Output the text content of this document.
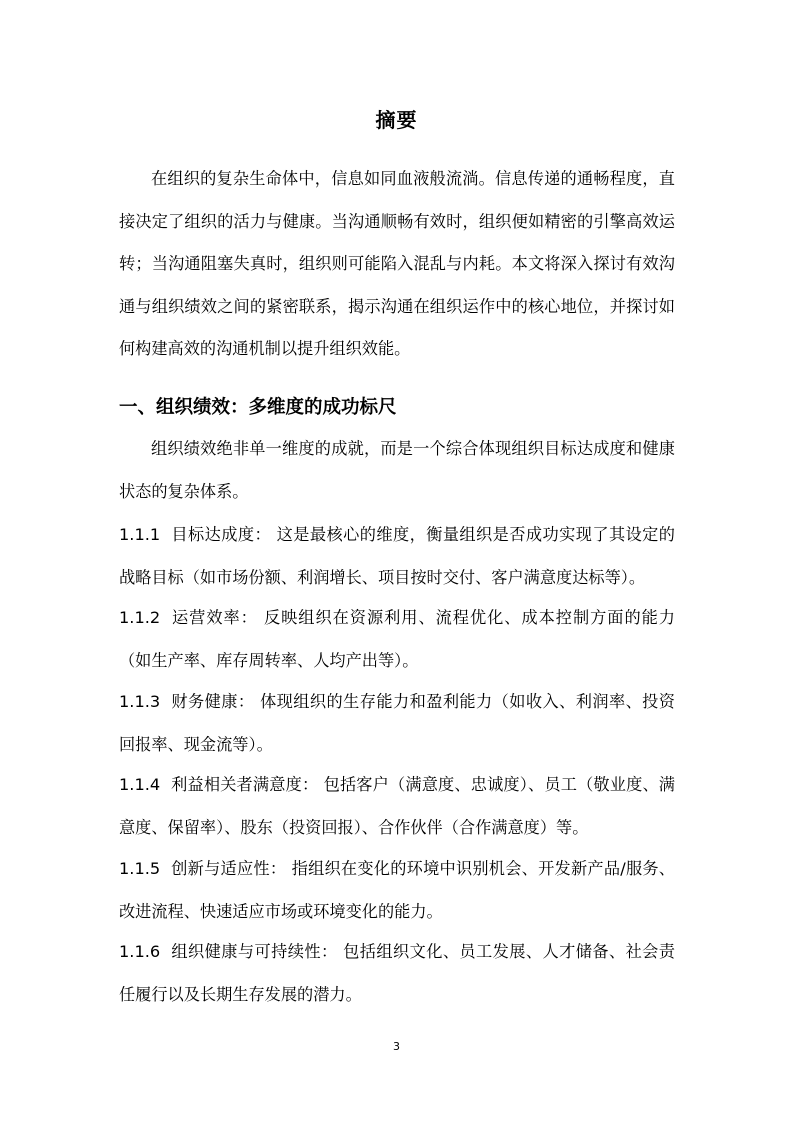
摘要

在组织的复杂生命体中，信息如同血液般流淌。信息传递的通畅程度，直接决定了组织的活力与健康。当沟通顺畅有效时，组织便如精密的引擎高效运转；当沟通阻塞失真时，组织则可能陷入混乱与内耗。本文将深入探讨有效沟通与组织绩效之间的紧密联系，揭示沟通在组织运作中的核心地位，并探讨如何构建高效的沟通机制以提升组织效能。

一、组织绩效：多维度的成功标尺

组织绩效绝非单一维度的成就，而是一个综合体现组织目标达成度和健康状态的复杂体系。

1.1.1 目标达成度： 这是最核心的维度，衡量组织是否成功实现了其设定的战略目标（如市场份额、利润增长、项目按时交付、客户满意度达标等）。

1.1.2 运营效率： 反映组织在资源利用、流程优化、成本控制方面的能力（如生产率、库存周转率、人均产出等）。

1.1.3 财务健康： 体现组织的生存能力和盈利能力（如收入、利润率、投资回报率、现金流等）。

1.1.4 利益相关者满意度： 包括客户（满意度、忠诚度）、员工（敬业度、满意度、保留率）、股东（投资回报）、合作伙伴（合作满意度）等。

1.1.5 创新与适应性： 指组织在变化的环境中识别机会、开发新产品/服务、改进流程、快速适应市场或环境变化的能力。

1.1.6 组织健康与可持续性： 包括组织文化、员工发展、人才储备、社会责任履行以及长期生存发展的潜力。

3
